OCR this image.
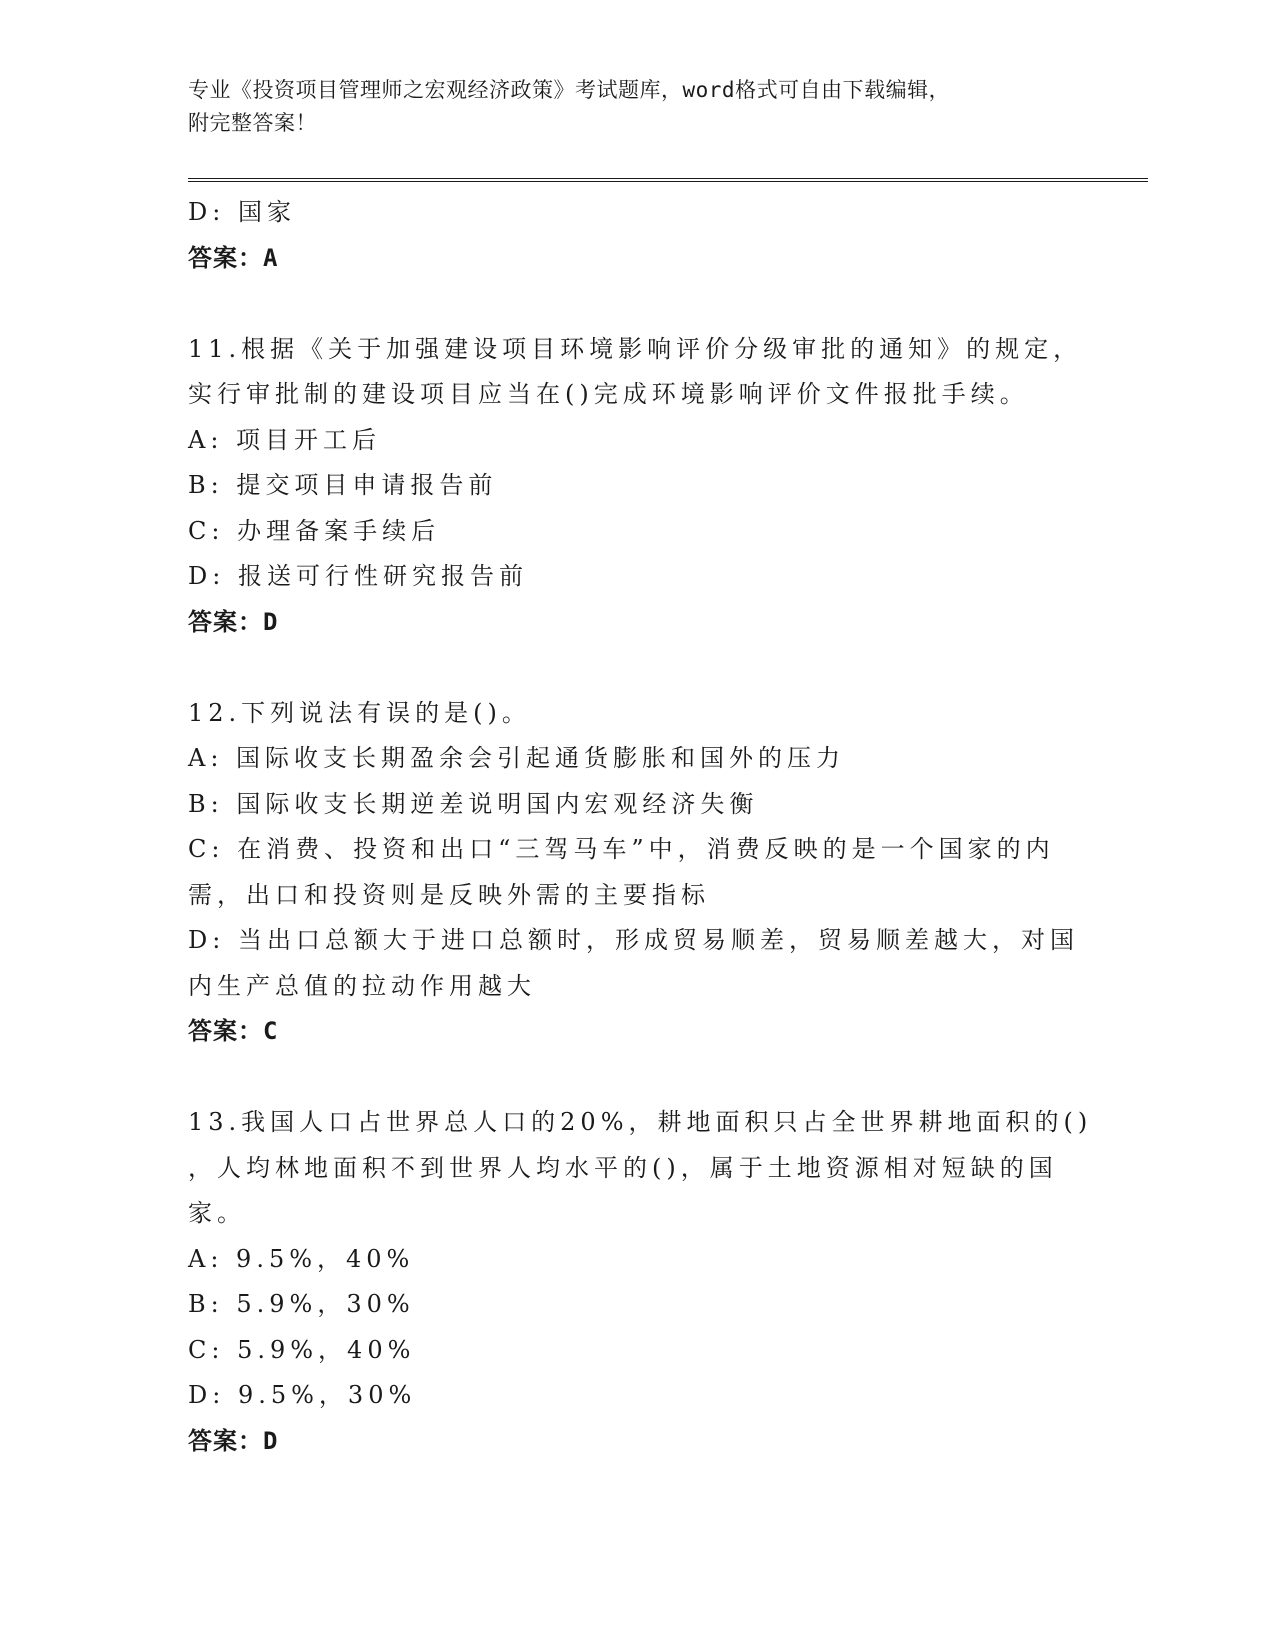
专业《投资项目管理师之宏观经济政策》考试题库，word格式可自由下载编辑，
附完整答案！
D: 国家
答案：A
11.根据《关于加强建设项目环境影响评价分级审批的通知》的规定，
实行审批制的建设项目应当在()完成环境影响评价文件报批手续。
A: 项目开工后
B: 提交项目申请报告前
C: 办理备案手续后
D: 报送可行性研究报告前
答案：D
12.下列说法有误的是()。
A: 国际收支长期盈余会引起通货膨胀和国外的压力
B: 国际收支长期逆差说明国内宏观经济失衡
C: 在消费、投资和出口“三驾马车”中，消费反映的是一个国家的内
需，出口和投资则是反映外需的主要指标
D: 当出口总额大于进口总额时，形成贸易顺差，贸易顺差越大，对国
内生产总值的拉动作用越大
答案：C
13.我国人口占世界总人口的20%，耕地面积只占全世界耕地面积的()
，人均林地面积不到世界人均水平的()，属于土地资源相对短缺的国
家。
A: 9.5%，40%
B: 5.9%，30%
C: 5.9%，40%
D: 9.5%，30%
答案：D
